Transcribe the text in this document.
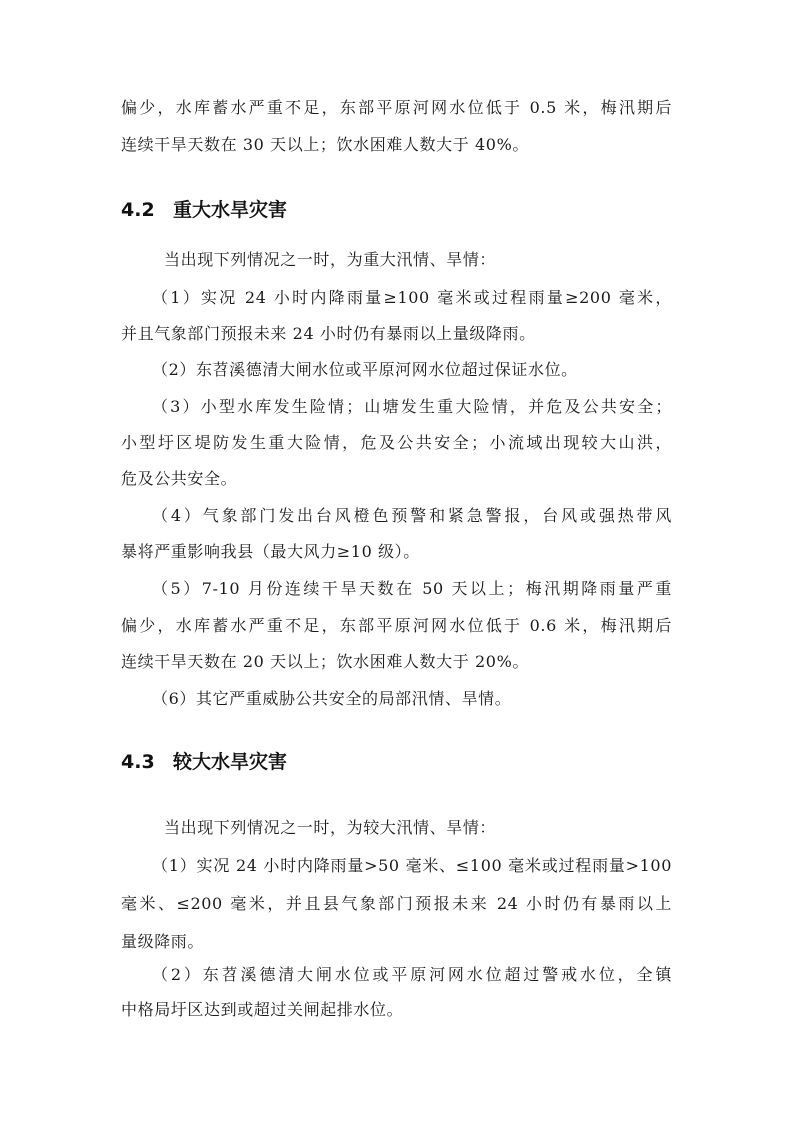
偏少，水库蓄水严重不足，东部平原河网水位低于 0.5 米，梅汛期后
连续干旱天数在 30 天以上；饮水困难人数大于 40%。
4.2 重大水旱灾害
当出现下列情况之一时，为重大汛情、旱情：
（1）实况 24 小时内降雨量≥100 毫米或过程雨量≥200 毫米，
并且气象部门预报未来 24 小时仍有暴雨以上量级降雨。
（2）东苕溪德清大闸水位或平原河网水位超过保证水位。
（3）小型水库发生险情；山塘发生重大险情，并危及公共安全；
小型圩区堤防发生重大险情，危及公共安全；小流域出现较大山洪，
危及公共安全。
（4）气象部门发出台风橙色预警和紧急警报，台风或强热带风
暴将严重影响我县（最大风力≥10 级）。
（5）7-10 月份连续干旱天数在 50 天以上；梅汛期降雨量严重
偏少，水库蓄水严重不足，东部平原河网水位低于 0.6 米，梅汛期后
连续干旱天数在 20 天以上；饮水困难人数大于 20%。
（6）其它严重威胁公共安全的局部汛情、旱情。
4.3 较大水旱灾害
当出现下列情况之一时，为较大汛情、旱情：
（1）实况 24 小时内降雨量>50 毫米、≤100 毫米或过程雨量>100
毫米、≤200 毫米，并且县气象部门预报未来 24 小时仍有暴雨以上
量级降雨。
（2）东苕溪德清大闸水位或平原河网水位超过警戒水位，全镇
中格局圩区达到或超过关闸起排水位。
